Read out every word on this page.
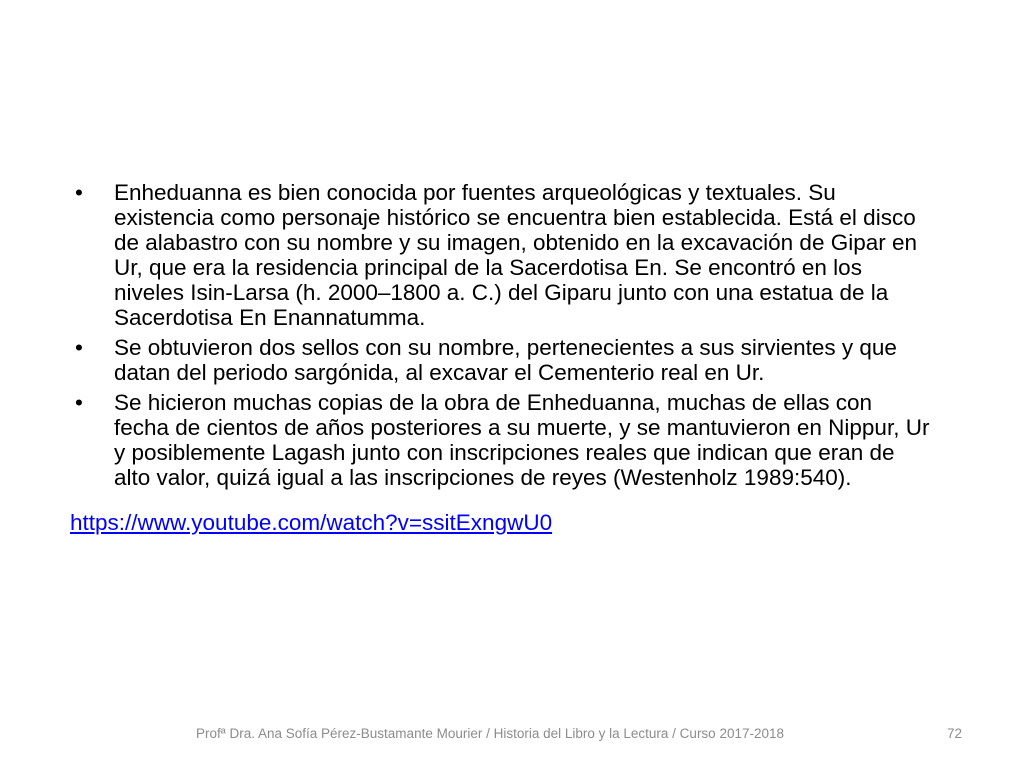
• Enheduanna es bien conocida por fuentes arqueológicas y textuales. Su existencia como personaje histórico se encuentra bien establecida. Está el disco de alabastro con su nombre y su imagen, obtenido en la excavación de Gipar en Ur, que era la residencia principal de la Sacerdotisa En. Se encontró en los niveles Isin-Larsa (h. 2000–1800 a. C.) del Giparu junto con una estatua de la Sacerdotisa En Enannatumma.
• Se obtuvieron dos sellos con su nombre, pertenecientes a sus sirvientes y que datan del periodo sargónida, al excavar el Cementerio real en Ur.
• Se hicieron muchas copias de la obra de Enheduanna, muchas de ellas con fecha de cientos de años posteriores a su muerte, y se mantuvieron en Nippur, Ur y posiblemente Lagash junto con inscripciones reales que indican que eran de alto valor, quizá igual a las inscripciones de reyes (Westenholz 1989:540).
https://www.youtube.com/watch?v=ssitExngwU0
Profª Dra. Ana Sofía Pérez-Bustamante Mourier / Historia del Libro y la Lectura / Curso 2017-2018	72
